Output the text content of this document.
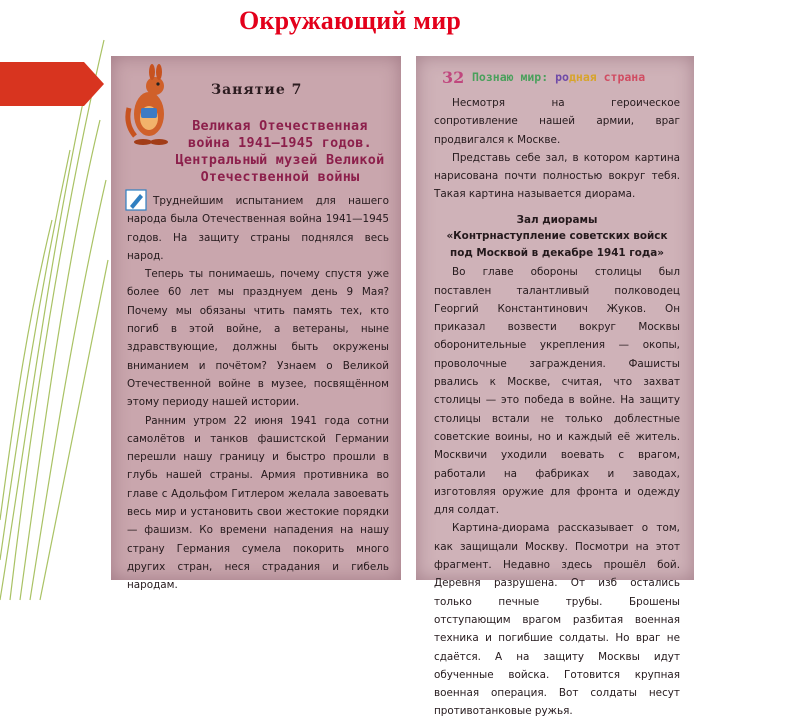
Окружающий мир
Занятие 7
Великая Отечественная
война 1941–1945 годов.
Центральный музей Великой
Отечественной войны

Труднейшим испытанием для нашего народа была Отечественная война 1941—1945 годов. На защиту страны поднялся весь народ.

Теперь ты понимаешь, почему спустя уже более 60 лет мы празднуем день 9 Мая? Почему мы обязаны чтить память тех, кто погиб в этой войне, а ветераны, ныне здравствующие, должны быть окружены вниманием и почётом? Узнаем о Великой Отечественной войне в музее, посвящённом этому периоду нашей истории.

Ранним утром 22 июня 1941 года сотни самолётов и танков фашистской Германии перешли нашу границу и быстро прошли в глубь нашей страны. Армия противника во главе с Адольфом Гитлером желала завоевать весь мир и установить свои жестокие порядки — фашизм. Ко времени нападения на нашу страну Германия сумела покорить много других стран, неся страдания и гибель народам.

32 Познаю мир: родная страна

Несмотря на героическое сопротивление нашей армии, враг продвигался к Москве.

Представь себе зал, в котором картина нарисована почти полностью вокруг тебя. Такая картина называется диорама.

Зал диорамы
«Контрнаступление советских войск
под Москвой в декабре 1941 года»

Во главе обороны столицы был поставлен талантливый полководец Георгий Константинович Жуков. Он приказал возвести вокруг Москвы оборонительные укрепления — окопы, проволочные заграждения. Фашисты рвались к Москве, считая, что захват столицы — это победа в войне. На защиту столицы встали не только доблестные советские воины, но и каждый её житель. Москвичи уходили воевать с врагом, работали на фабриках и заводах, изготовляя оружие для фронта и одежду для солдат.

Картина-диорама рассказывает о том, как защищали Москву. Посмотри на этот фрагмент. Недавно здесь прошёл бой. Деревня разрушена. От изб остались только печные трубы. Брошены отступающим врагом разбитая военная техника и погибшие солдаты. Но враг не сдаётся. А на защиту Москвы идут обученные войска. Готовится крупная военная операция. Вот солдаты несут противотанковые ружья.
